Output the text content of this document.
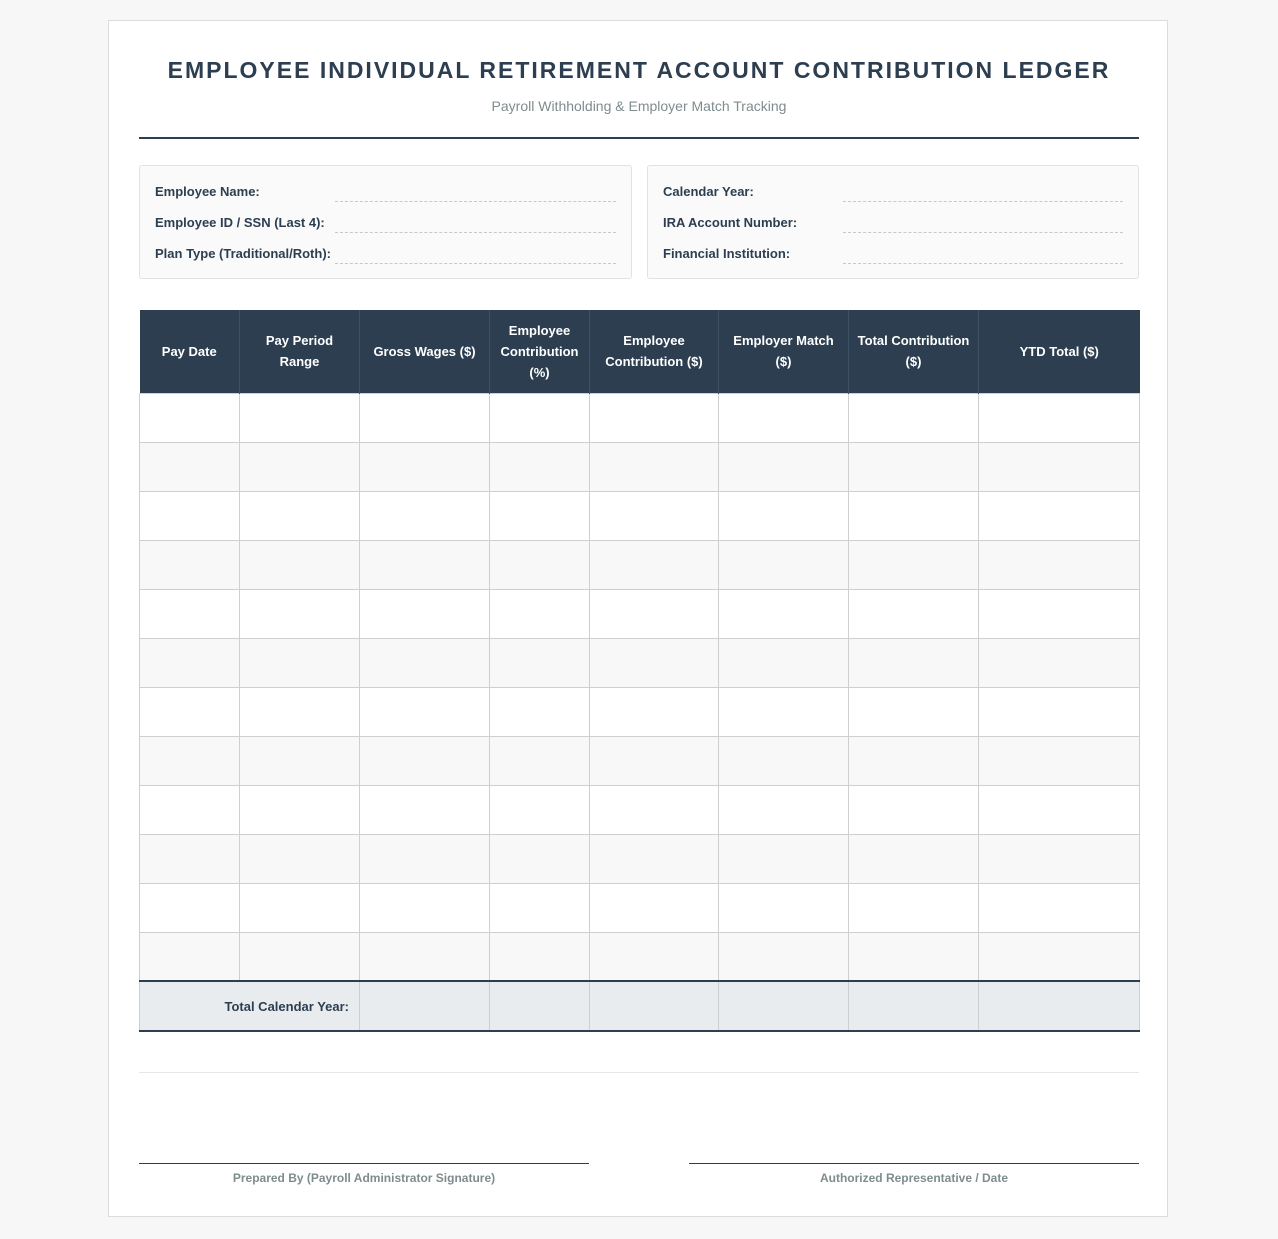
EMPLOYEE INDIVIDUAL RETIREMENT ACCOUNT CONTRIBUTION LEDGER
Payroll Withholding & Employer Match Tracking
Employee Name:
Employee ID / SSN (Last 4):
Plan Type (Traditional/Roth):
Calendar Year:
IRA Account Number:
Financial Institution:
Pay Date	Pay Period Range	Gross Wages ($)	Employee Contribution (%)	Employee Contribution ($)	Employer Match ($)	Total Contribution ($)	YTD Total ($)

Total Calendar Year:							
Prepared By (Payroll Administrator Signature)	Authorized Representative / Date
